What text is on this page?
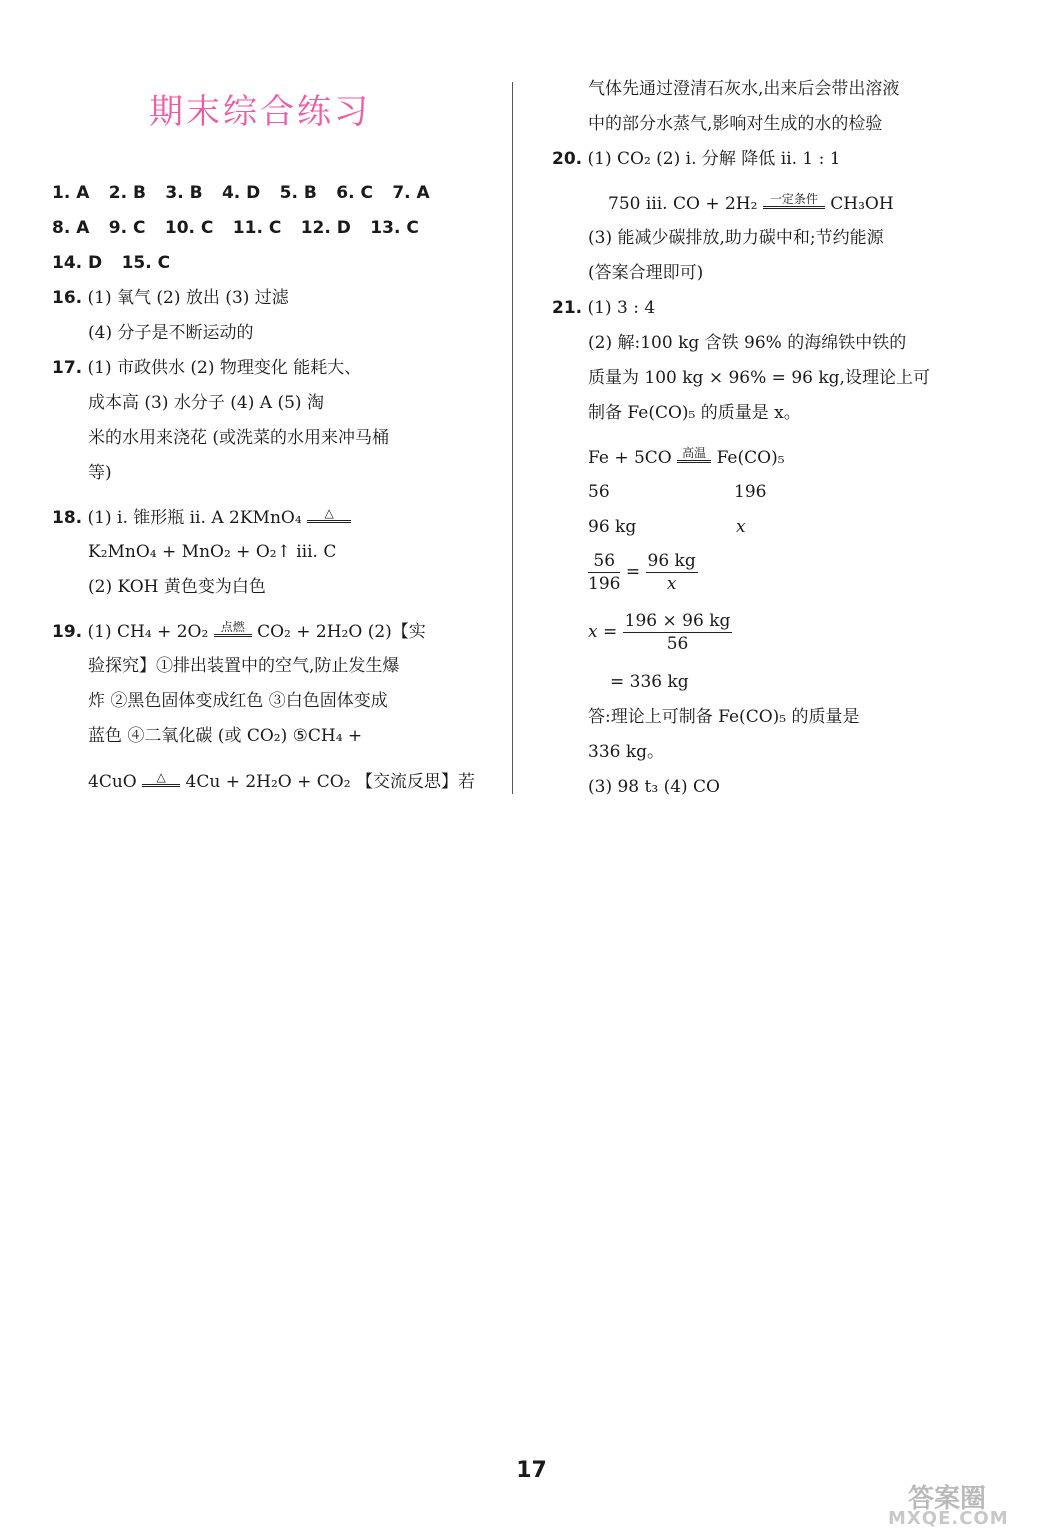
期末综合练习
1. A 2. B 3. B 4. D 5. B 6. C 7. A
8. A 9. C 10. C 11. C 12. D 13. C
14. D 15. C
16. (1) 氧气 (2) 放出 (3) 过滤
(4) 分子是不断运动的
17. (1) 市政供水 (2) 物理变化 能耗大、
成本高 (3) 水分子 (4) A (5) 淘
米的水用来浇花 (或洗菜的水用来冲马桶
等)
18. (1) ⅰ. 锥形瓶 ⅱ. A 2KMnO₄ △
K₂MnO₄ + MnO₂ + O₂↑ ⅲ. C
(2) KOH 黄色变为白色
19. (1) CH₄ + 2O₂ 点燃 CO₂ + 2H₂O (2)【实
验探究】①排出装置中的空气,防止发生爆
炸 ②黑色固体变成红色 ③白色固体变成
蓝色 ④二氧化碳 (或 CO₂) ⑤CH₄ +
4CuO △ 4Cu + 2H₂O + CO₂ 【交流反思】若
气体先通过澄清石灰水,出来后会带出溶液
中的部分水蒸气,影响对生成的水的检验
20. (1) CO₂ (2) ⅰ. 分解 降低 ⅱ. 1 : 1
750 ⅲ. CO + 2H₂ 一定条件 CH₃OH
(3) 能减少碳排放,助力碳中和;节约能源
(答案合理即可)
21. (1) 3 : 4
(2) 解:100 kg 含铁 96% 的海绵铁中铁的
质量为 100 kg × 96% = 96 kg,设理论上可
制备 Fe(CO)₅ 的质量是 x。
Fe + 5CO 高温 Fe(CO)₅
56	196
96 kg	x
$\frac{56}{196} = \frac{96 kg}{x}$
$x = \frac{196 \times 96 kg}{56}$
= 336 kg
答:理论上可制备 Fe(CO)₅ 的质量是
336 kg。
(3) 98 t₃ (4) CO
17
答案圈
MXQE.COM
